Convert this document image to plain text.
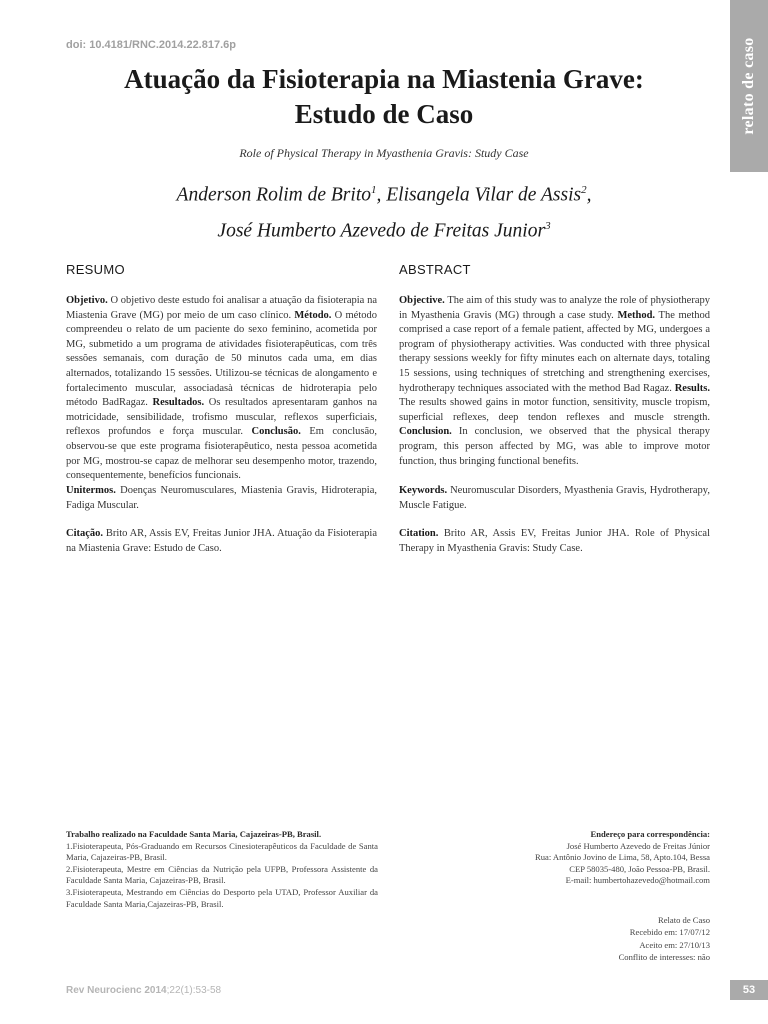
doi: 10.4181/RNC.2014.22.817.6p	relato de caso
Atuação da Fisioterapia na Miastenia Grave:
Estudo de Caso
Role of Physical Therapy in Myasthenia Gravis: Study Case
Anderson Rolim de Brito$^1$, Elisangela Vilar de Assis$^2$,
José Humberto Azevedo de Freitas Junior$^3$
RESUMO

Objetivo. O objetivo deste estudo foi analisar a atuação da fisioterapia na Miastenia Grave (MG) por meio de um caso clínico. Método. O método compreendeu o relato de um paciente do sexo feminino, acometida por MG, submetido a um programa de atividades fisioterapêuticas, com três sessões semanais, com duração de 50 minutos cada uma, em dias alternados, totalizando 15 sessões. Utilizou-se técnicas de alongamento e fortalecimento muscular, associadasà técnicas de hidroterapia pelo método BadRagaz. Resultados. Os resultados apresentaram ganhos na motricidade, sensibilidade, trofismo muscular, reflexos superficiais, reflexos profundos e força muscular. Conclusão. Em conclusão, observou-se que este programa fisioterapêutico, nesta pessoa acometida por MG, mostrou-se capaz de melhorar seu desempenho motor, trazendo, consequentemente, benefícios funcionais.

Unitermos. Doenças Neuromusculares, Miastenia Gravis, Hidroterapia, Fadiga Muscular.

Citação. Brito AR, Assis EV, Freitas Junior JHA. Atuação da Fisioterapia na Miastenia Grave: Estudo de Caso.

ABSTRACT

Objective. The aim of this study was to analyze the role of physiotherapy in Myasthenia Gravis (MG) through a case study. Method. The method comprised a case report of a female patient, affected by MG, undergoes a program of physiotherapy activities. Was conducted with three physical therapy sessions weekly for fifty minutes each on alternate days, totaling 15 sessions, using techniques of stretching and strengthening exercises, hydrotherapy techniques associated with the method Bad Ragaz. Results. The results showed gains in motor function, sensitivity, muscle tropism, superficial reflexes, deep tendon reflexes and muscle strength. Conclusion. In conclusion, we observed that the physical therapy program, this person affected by MG, was able to improve motor function, thus bringing functional benefits.

Keywords. Neuromuscular Disorders, Myasthenia Gravis, Hydrotherapy, Muscle Fatigue.

Citation. Brito AR, Assis EV, Freitas Junior JHA. Role of Physical Therapy in Myasthenia Gravis: Study Case.

Trabalho realizado na Faculdade Santa Maria, Cajazeiras-PB, Brasil.
1.Fisioterapeuta, Pós-Graduando em Recursos Cinesioterapêuticos da Faculdade de Santa Maria, Cajazeiras-PB, Brasil.
2.Fisioterapeuta, Mestre em Ciências da Nutrição pela UFPB, Professora Assistente da Faculdade Santa Maria, Cajazeiras-PB, Brasil.
3.Fisioterapeuta, Mestrando em Ciências do Desporto pela UTAD, Professor Auxiliar da Faculdade Santa Maria,Cajazeiras-PB, Brasil.
Endereço para correspondência:
José Humberto Azevedo de Freitas Júnior
Rua: Antônio Jovino de Lima, 58, Apto.104, Bessa
CEP 58035-480, João Pessoa-PB, Brasil.
E-mail: humbertohazevedo@hotmail.com
Relato de Caso
Recebido em: 17/07/12
Aceito em: 27/10/13
Conflito de interesses: não
Rev Neurocienc 2014;22(1):53-58	53
